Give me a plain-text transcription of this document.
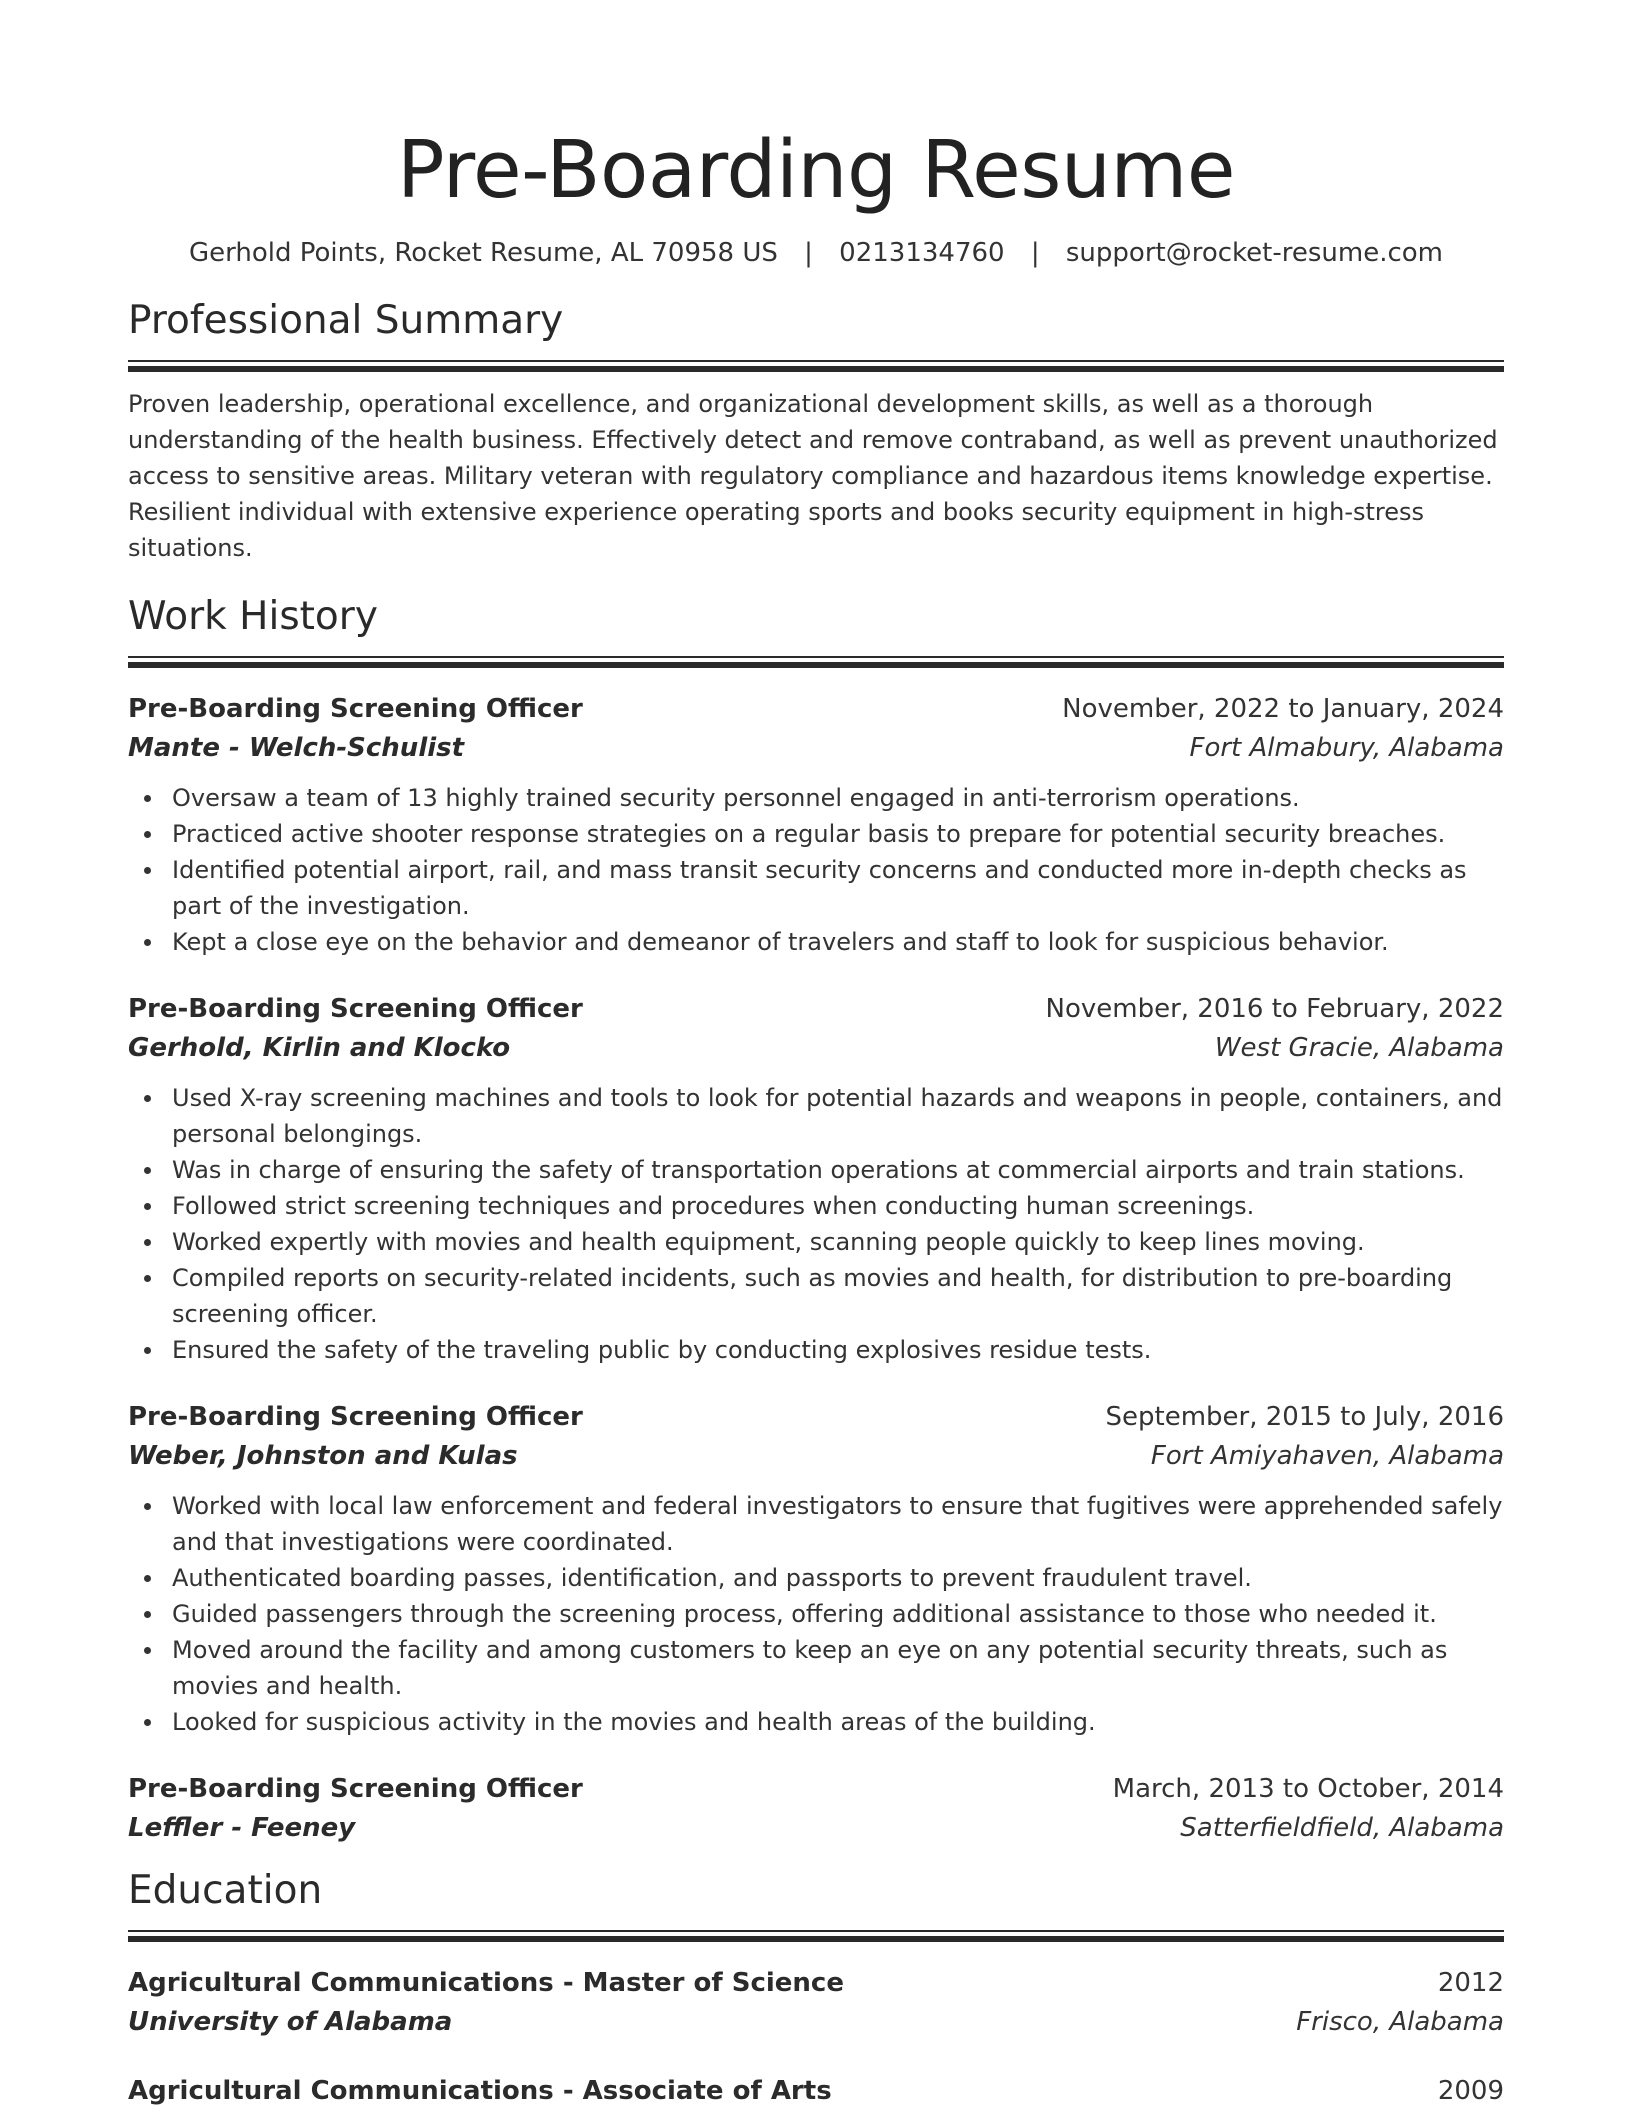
Pre-Boarding Resume
Gerhold Points, Rocket Resume, AL 70958 US | 0213134760 | support@rocket-resume.com
Professional Summary

Proven leadership, operational excellence, and organizational development skills, as well as a thorough understanding of the health business. Effectively detect and remove contraband, as well as prevent unauthorized access to sensitive areas. Military veteran with regulatory compliance and hazardous items knowledge expertise. Resilient individual with extensive experience operating sports and books security equipment in high-stress situations.

Work History
Pre-Boarding Screening Officer	November, 2022 to January, 2024
Mante - Welch-Schulist	Fort Almabury, Alabama
Oversaw a team of 13 highly trained security personnel engaged in anti-terrorism operations.
Practiced active shooter response strategies on a regular basis to prepare for potential security breaches.
Identified potential airport, rail, and mass transit security concerns and conducted more in-depth checks as part of the investigation.
Kept a close eye on the behavior and demeanor of travelers and staff to look for suspicious behavior.
Pre-Boarding Screening Officer	November, 2016 to February, 2022
Gerhold, Kirlin and Klocko	West Gracie, Alabama
Used X-ray screening machines and tools to look for potential hazards and weapons in people, containers, and personal belongings.
Was in charge of ensuring the safety of transportation operations at commercial airports and train stations.
Followed strict screening techniques and procedures when conducting human screenings.
Worked expertly with movies and health equipment, scanning people quickly to keep lines moving.
Compiled reports on security-related incidents, such as movies and health, for distribution to pre-boarding screening officer.
Ensured the safety of the traveling public by conducting explosives residue tests.
Pre-Boarding Screening Officer	September, 2015 to July, 2016
Weber, Johnston and Kulas	Fort Amiyahaven, Alabama
Worked with local law enforcement and federal investigators to ensure that fugitives were apprehended safely and that investigations were coordinated.
Authenticated boarding passes, identification, and passports to prevent fraudulent travel.
Guided passengers through the screening process, offering additional assistance to those who needed it.
Moved around the facility and among customers to keep an eye on any potential security threats, such as movies and health.
Looked for suspicious activity in the movies and health areas of the building.
Pre-Boarding Screening Officer	March, 2013 to October, 2014
Leffler - Feeney	Satterfieldfield, Alabama
Education
Agricultural Communications - Master of Science	2012
University of Alabama	Frisco, Alabama
Agricultural Communications - Associate of Arts	2009
